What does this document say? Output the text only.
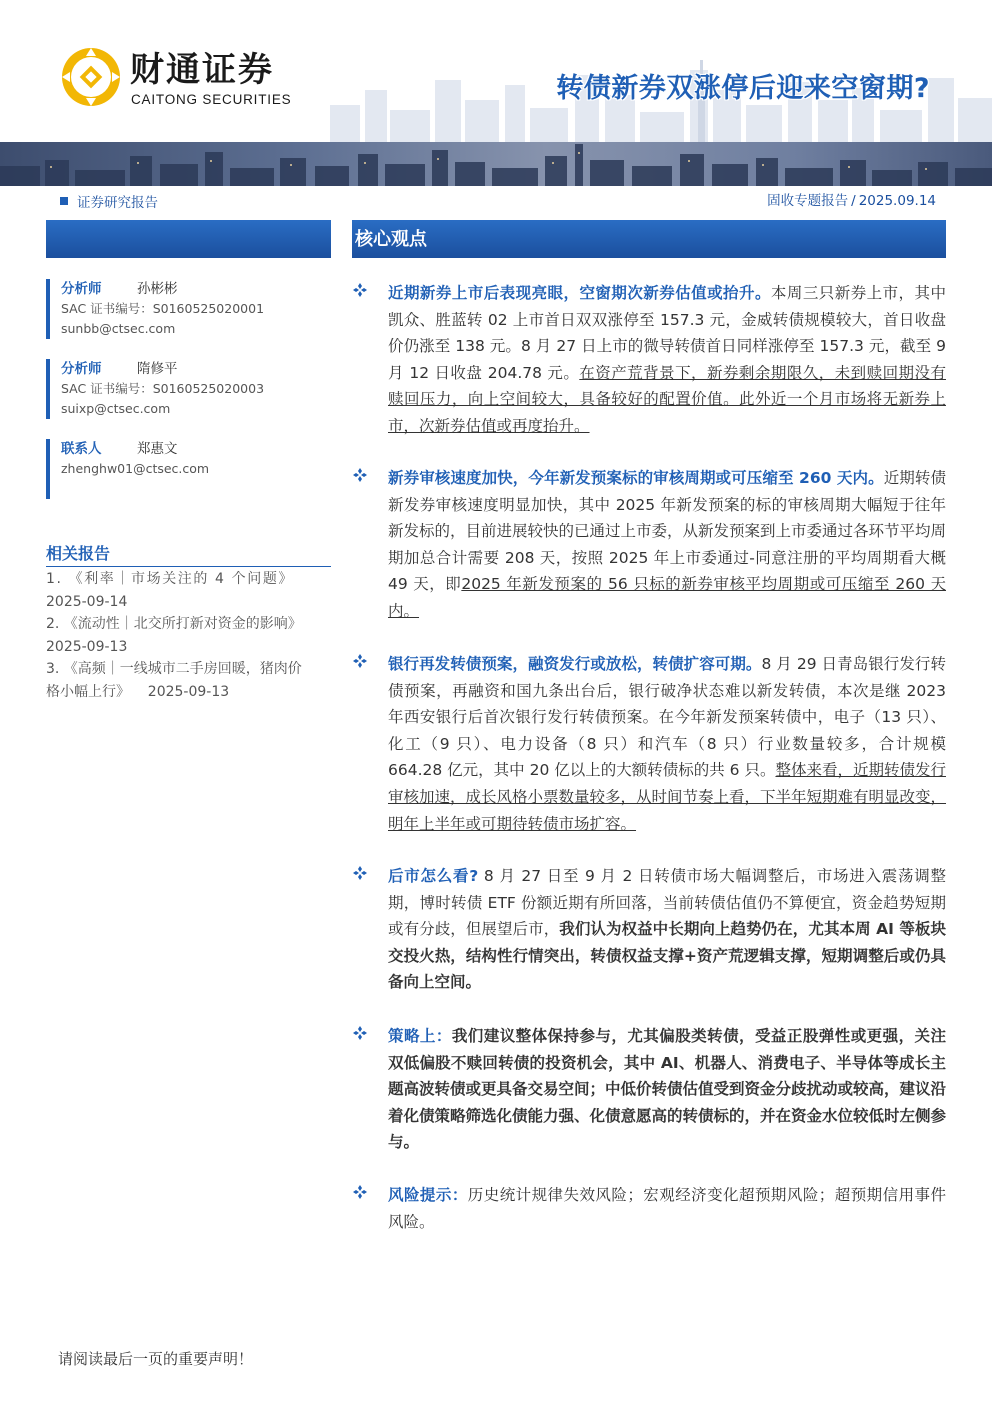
财通证券
CAITONG SECURITIES	转债新券双涨停后迎来空窗期?
证券研究报告	固收专题报告 / 2025.09.14
分析师	孙彬彬
SAC 证书编号：S0160525020001
sunbb@ctsec.com
分析师	隋修平
SAC 证书编号：S0160525020003
suixp@ctsec.com
联系人	郑惠文
zhenghw01@ctsec.com
相关报告
1. 《利率｜市场关注的 4 个问题》
2025-09-14
2. 《流动性｜北交所打新对资金的影响》
2025-09-13
3. 《高频｜一线城市二手房回暖，猪肉价
格小幅上行》    2025-09-13
核心观点
近期新券上市后表现亮眼，空窗期次新券估值或抬升。本周三只新券上市，其中凯众、胜蓝转 02 上市首日双双涨停至 157.3 元，金威转债规模较大，首日收盘价仍涨至 138 元。8 月 27 日上市的微导转债首日同样涨停至 157.3 元，截至 9 月 12 日收盘 204.78 元。在资产荒背景下，新券剩余期限久，未到赎回期没有赎回压力，向上空间较大，具备较好的配置价值。此外近一个月市场将无新券上市，次新券估值或再度抬升。
新券审核速度加快，今年新发预案标的审核周期或可压缩至 260 天内。近期转债新发券审核速度明显加快，其中 2025 年新发预案的标的审核周期大幅短于往年新发标的，目前进展较快的已通过上市委，从新发预案到上市委通过各环节平均周期加总合计需要 208 天，按照 2025 年上市委通过-同意注册的平均周期看大概 49 天，即2025 年新发预案的 56 只标的新券审核平均周期或可压缩至 260 天内。
银行再发转债预案，融资发行或放松，转债扩容可期。8 月 29 日青岛银行发行转债预案，再融资和国九条出台后，银行破净状态难以新发转债，本次是继 2023 年西安银行后首次银行发行转债预案。在今年新发预案转债中，电子（13 只）、化工（9 只）、电力设备（8 只）和汽车（8 只）行业数量较多，合计规模 664.28 亿元，其中 20 亿以上的大额转债标的共 6 只。整体来看，近期转债发行审核加速，成长风格小票数量较多，从时间节奏上看，下半年短期难有明显改变，明年上半年或可期待转债市场扩容。
后市怎么看? 8 月 27 日至 9 月 2 日转债市场大幅调整后，市场进入震荡调整期，博时转债 ETF 份额近期有所回落，当前转债估值仍不算便宜，资金趋势短期或有分歧，但展望后市，我们认为权益中长期向上趋势仍在，尤其本周 AI 等板块交投火热，结构性行情突出，转债权益支撑+资产荒逻辑支撑，短期调整后或仍具备向上空间。
策略上：我们建议整体保持参与，尤其偏股类转债，受益正股弹性或更强，关注双低偏股不赎回转债的投资机会，其中 AI、机器人、消费电子、半导体等成长主题高波转债或更具备交易空间；中低价转债估值受到资金分歧扰动或较高，建议沿着化债策略筛选化债能力强、化债意愿高的转债标的，并在资金水位较低时左侧参与。
风险提示：历史统计规律失效风险；宏观经济变化超预期风险；超预期信用事件风险。
请阅读最后一页的重要声明！
